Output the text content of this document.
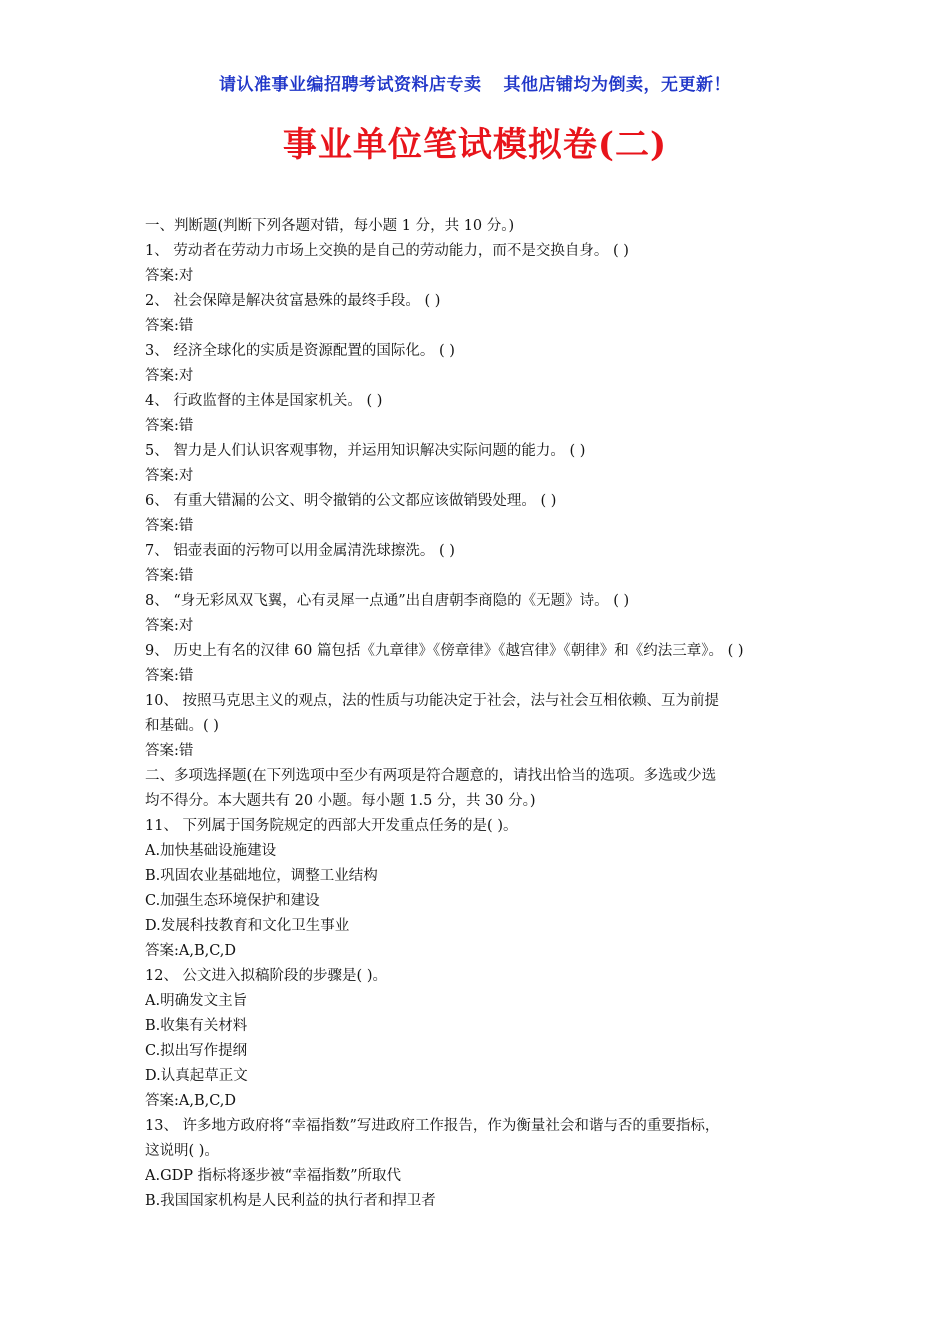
请认准事业编招聘考试资料店专卖 其他店铺均为倒卖，无更新！
事业单位笔试模拟卷(二)
一、判断题(判断下列各题对错，每小题 1 分，共 10 分。)
1、 劳动者在劳动力市场上交换的是自己的劳动能力，而不是交换自身。 ( )
答案:对
2、 社会保障是解决贫富悬殊的最终手段。 ( )
答案:错
3、 经济全球化的实质是资源配置的国际化。 ( )
答案:对
4、 行政监督的主体是国家机关。 ( )
答案:错
5、 智力是人们认识客观事物，并运用知识解决实际问题的能力。 ( )
答案:对
6、 有重大错漏的公文、明令撤销的公文都应该做销毁处理。 ( )
答案:错
7、 铝壶表面的污物可以用金属清洗球擦洗。 ( )
答案:错
8、 “身无彩凤双飞翼，心有灵犀一点通”出自唐朝李商隐的《无题》诗。 ( )
答案:对
9、 历史上有名的汉律 60 篇包括《九章律》《傍章律》《越宫律》《朝律》和《约法三章》。 ( )
答案:错
10、 按照马克思主义的观点，法的性质与功能决定于社会，法与社会互相依赖、互为前提
和基础。( )
答案:错
二、多项选择题(在下列选项中至少有两项是符合题意的，请找出恰当的选项。多选或少选
均不得分。本大题共有 20 小题。每小题 1.5 分，共 30 分。)
11、 下列属于国务院规定的西部大开发重点任务的是( )。
A.加快基础设施建设
B.巩固农业基础地位，调整工业结构
C.加强生态环境保护和建设
D.发展科技教育和文化卫生事业
答案:A,B,C,D
12、 公文进入拟稿阶段的步骤是( )。
A.明确发文主旨
B.收集有关材料
C.拟出写作提纲
D.认真起草正文
答案:A,B,C,D
13、 许多地方政府将“幸福指数”写进政府工作报告，作为衡量社会和谐与否的重要指标，
这说明( )。
A.GDP 指标将逐步被“幸福指数”所取代
B.我国国家机构是人民利益的执行者和捍卫者
